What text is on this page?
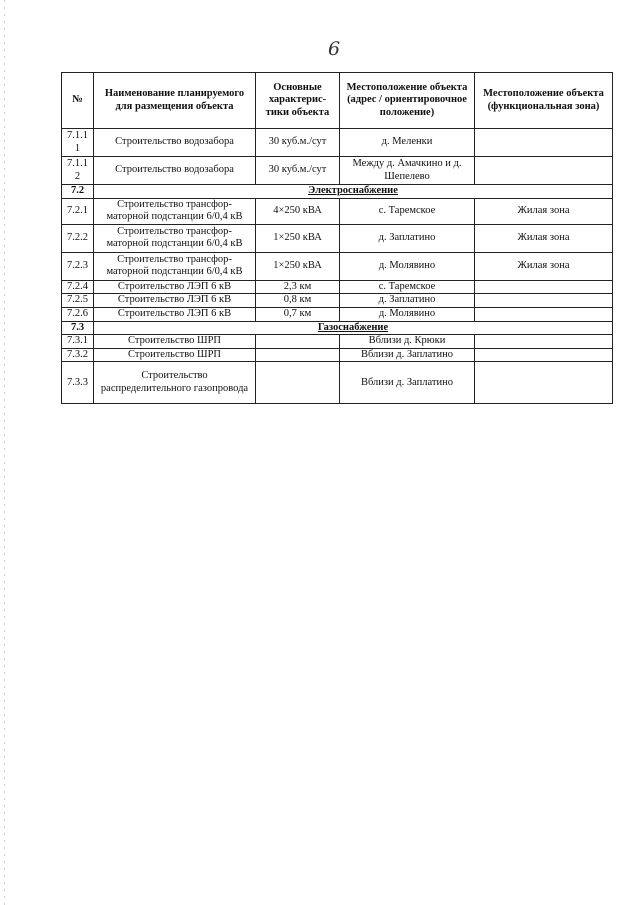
6
№	Наименование планируемого для размещения объекта	Основные характерис-тики объекта	Местоположение объекта (адрес / ориентировочное положение)	Местоположение объекта (функциональная зона)
7.1.1 1	Строительство водозабора	30 куб.м./сут	д. Меленки	
7.1.1 2	Строительство водозабора	30 куб.м./сут	Между д. Амачкино и д. Шепелево	
7.2	Электроснабжение			
7.2.1	Строительство трансфор-маторной подстанции 6/0,4 кВ	4×250 кВА	с. Таремское	Жилая зона
7.2.2	Строительство трансфор-маторной подстанции 6/0,4 кВ	1×250 кВА	д. Заплатино	Жилая зона
7.2.3	Строительство трансфор-маторной подстанции 6/0,4 кВ	1×250 кВА	д. Молявино	Жилая зона
7.2.4	Строительство ЛЭП 6 кВ	2,3 км	с. Таремское	
7.2.5	Строительство ЛЭП 6 кВ	0,8 км	д. Заплатино	
7.2.6	Строительство ЛЭП 6 кВ	0,7 км	д. Молявино	
7.3	Газоснабжение			
7.3.1	Строительство ШРП		Вблизи д. Крюки	
7.3.2	Строительство ШРП		Вблизи д. Заплатино	
7.3.3	Строительство распределительного газопровода		Вблизи д. Заплатино	
